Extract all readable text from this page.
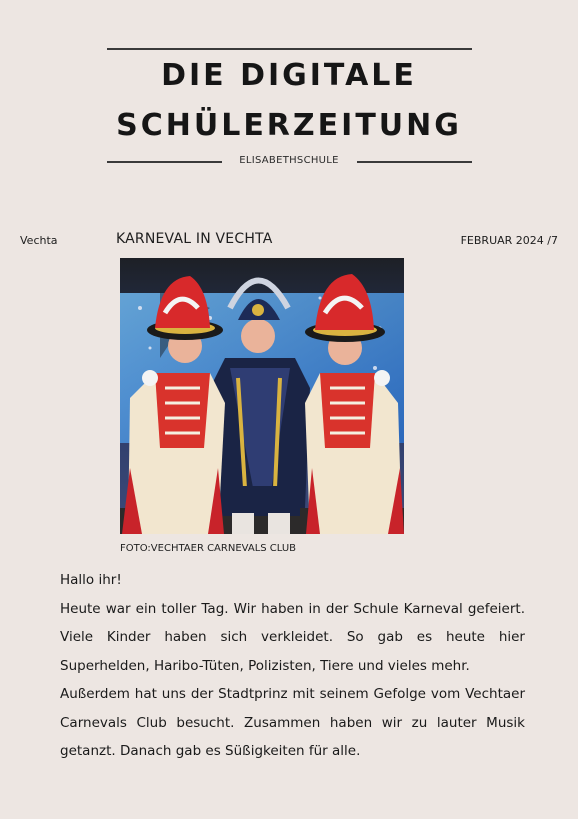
DIE DIGITALE
SCHÜLERZEITUNG
ELISABETHSCHULE
Vechta	KARNEVAL IN VECHTA	FEBRUAR 2024 /7
FOTO:VECHTAER CARNEVALS CLUB

Hallo ihr!

Heute war ein toller Tag. Wir haben in der Schule Karneval gefeiert. Viele Kinder haben sich verkleidet. So gab es heute hier Superhelden, Haribo-Tüten, Polizisten, Tiere und vieles mehr.

Außerdem hat uns der Stadtprinz mit seinem Gefolge vom Vechtaer Carnevals Club besucht. Zusammen haben wir zu lauter Musik getanzt. Danach gab es Süßigkeiten für alle.
